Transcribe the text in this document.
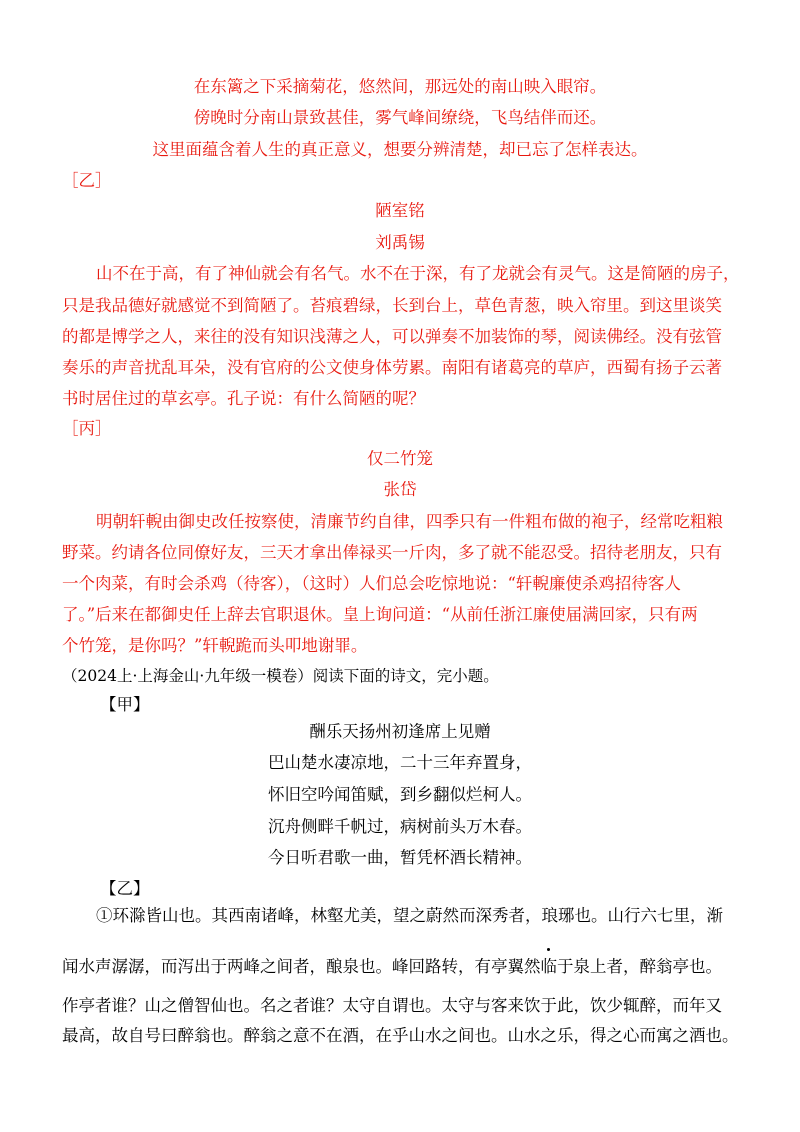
在东篱之下采摘菊花，悠然间，那远处的南山映入眼帘。
傍晚时分南山景致甚佳，雾气峰间缭绕，飞鸟结伴而还。
这里面蕴含着人生的真正意义，想要分辨清楚，却已忘了怎样表达。
［乙］
陋室铭
刘禹锡
山不在于高，有了神仙就会有名气。水不在于深，有了龙就会有灵气。这是简陋的房子，
只是我品德好就感觉不到简陋了。苔痕碧绿，长到台上，草色青葱，映入帘里。到这里谈笑
的都是博学之人，来往的没有知识浅薄之人，可以弹奏不加装饰的琴，阅读佛经。没有弦管
奏乐的声音扰乱耳朵，没有官府的公文使身体劳累。南阳有诸葛亮的草庐，西蜀有扬子云著
书时居住过的草玄亭。孔子说：有什么简陋的呢？
［丙］
仅二竹笼
张岱
明朝轩輗由御史改任按察使，清廉节约自律，四季只有一件粗布做的袍子，经常吃粗粮
野菜。约请各位同僚好友，三天才拿出俸禄买一斤肉，多了就不能忍受。招待老朋友，只有
一个肉菜，有时会杀鸡（待客），（这时）人们总会吃惊地说：“轩輗廉使杀鸡招待客人
了。”后来在都御史任上辞去官职退休。皇上询问道：“从前任浙江廉使届满回家，只有两
个竹笼，是你吗？”轩輗跪而头叩地谢罪。
（2024上·上海金山·九年级一模卷）阅读下面的诗文，完小题。
【甲】
酬乐天扬州初逢席上见赠
巴山楚水凄凉地，二十三年弃置身，
怀旧空吟闻笛赋，到乡翻似烂柯人。
沉舟侧畔千帆过，病树前头万木春。
今日听君歌一曲，暂凭杯酒长精神。
【乙】
①环滁皆山也。其西南诸峰，林壑尤美，望之蔚然而深秀者，琅琊也。山行六七里，渐
闻水声潺潺，而泻出于两峰之间者，酿泉也。峰回路转，有亭翼然
临于泉上者，醉翁亭也。
作亭者谁？山之僧智仙也。名之者谁？太守自谓也。太守与客来饮于此，饮少辄醉，而年又
最高，故自号曰醉翁也。醉翁之意不在酒，在乎山水之间也。山水之乐，得之心而寓之酒也。
